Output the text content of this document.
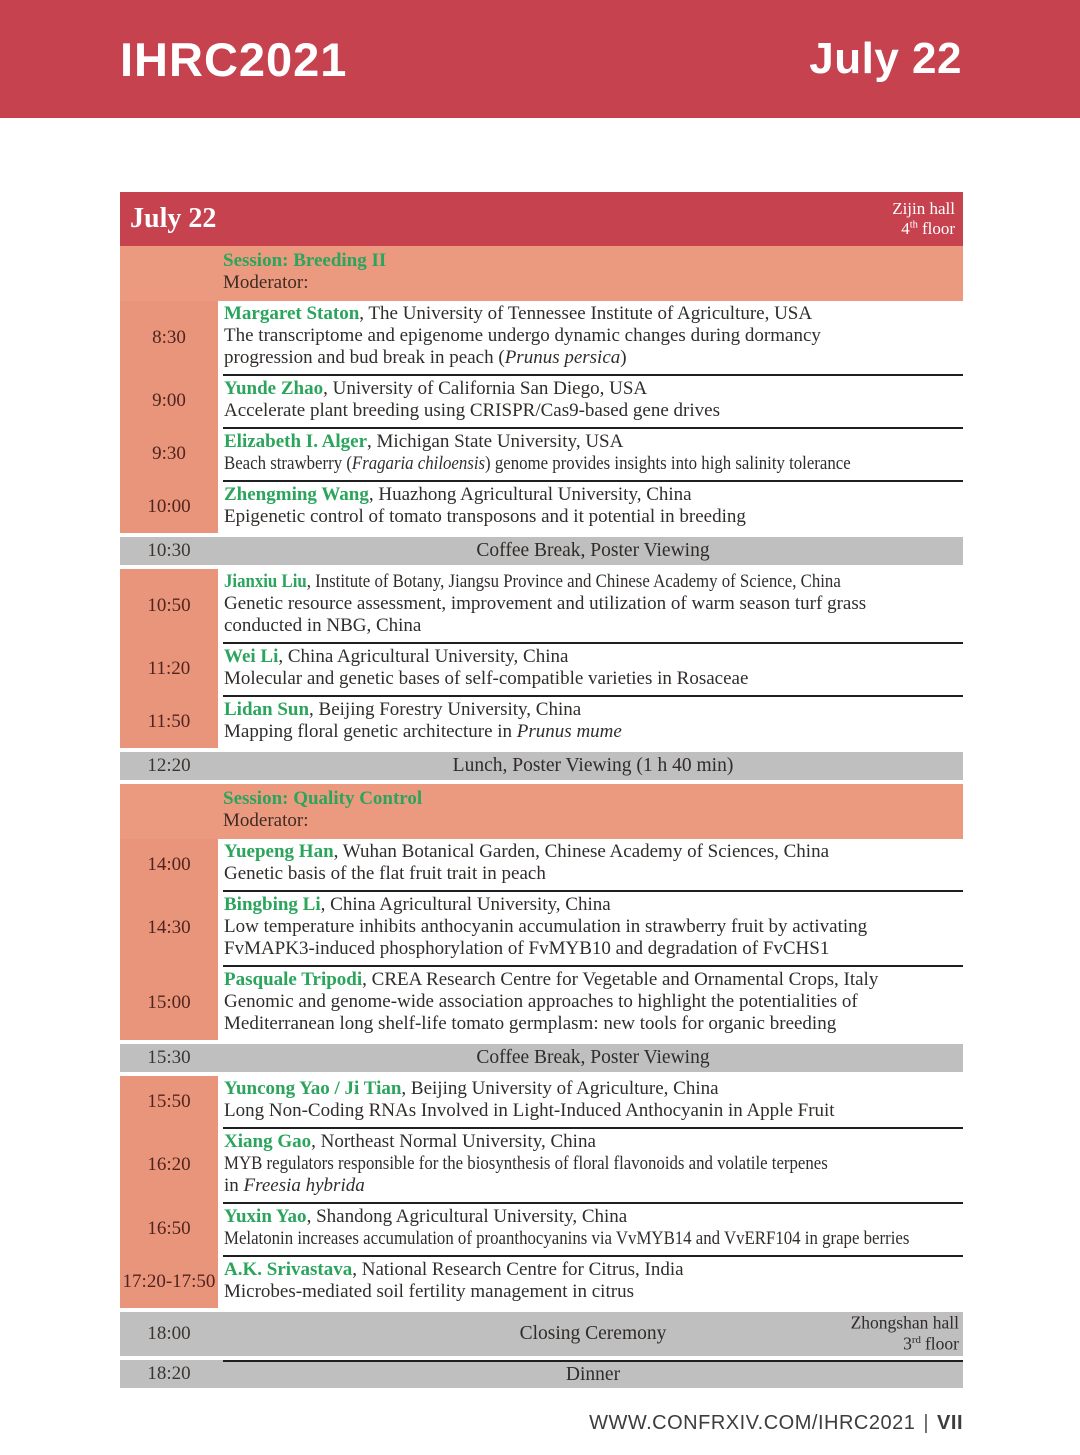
IHRC2021	July 22
July 22	Zijin hall
4th floor
Session: Breeding II
Moderator:
8:30
Margaret Staton, The University of Tennessee Institute of Agriculture, USA
The transcriptome and epigenome undergo dynamic changes during dormancy
progression and bud break in peach (Prunus persica)
9:00
Yunde Zhao, University of California San Diego, USA
Accelerate plant breeding using CRISPR/Cas9-based gene drives
9:30
Elizabeth I. Alger, Michigan State University, USA
Beach strawberry (Fragaria chiloensis) genome provides insights into high salinity tolerance
10:00
Zhengming Wang, Huazhong Agricultural University, China
Epigenetic control of tomato transposons and it potential in breeding
10:30	Coffee Break, Poster Viewing
10:50
Jianxiu Liu, Institute of Botany, Jiangsu Province and Chinese Academy of Science, China
Genetic resource assessment, improvement and utilization of warm season turf grass
conducted in NBG, China
11:20
Wei Li, China Agricultural University, China
Molecular and genetic bases of self-compatible varieties in Rosaceae
11:50
Lidan Sun, Beijing Forestry University, China
Mapping floral genetic architecture in Prunus mume
12:20	Lunch, Poster Viewing (1 h 40 min)
Session: Quality Control
Moderator:
14:00
Yuepeng Han, Wuhan Botanical Garden, Chinese Academy of Sciences, China
Genetic basis of the flat fruit trait in peach
14:30
Bingbing Li, China Agricultural University, China
Low temperature inhibits anthocyanin accumulation in strawberry fruit by activating
FvMAPK3-induced phosphorylation of FvMYB10 and degradation of FvCHS1
15:00
Pasquale Tripodi, CREA Research Centre for Vegetable and Ornamental Crops, Italy
Genomic and genome-wide association approaches to highlight the potentialities of
Mediterranean long shelf-life tomato germplasm: new tools for organic breeding
15:30	Coffee Break, Poster Viewing
15:50
Yuncong Yao / Ji Tian, Beijing University of Agriculture, China
Long Non-Coding RNAs Involved in Light-Induced Anthocyanin in Apple Fruit
16:20
Xiang Gao, Northeast Normal University, China
MYB regulators responsible for the biosynthesis of floral flavonoids and volatile terpenes
in Freesia hybrida
16:50
Yuxin Yao, Shandong Agricultural University, China
Melatonin increases accumulation of proanthocyanins via VvMYB14 and VvERF104 in grape berries
17:20-17:50
A.K. Srivastava, National Research Centre for Citrus, India
Microbes-mediated soil fertility management in citrus
18:00	Closing Ceremony
Zhongshan hall
3rd floor
18:20	Dinner
WWW.CONFRXIV.COM/IHRC2021 | VII
